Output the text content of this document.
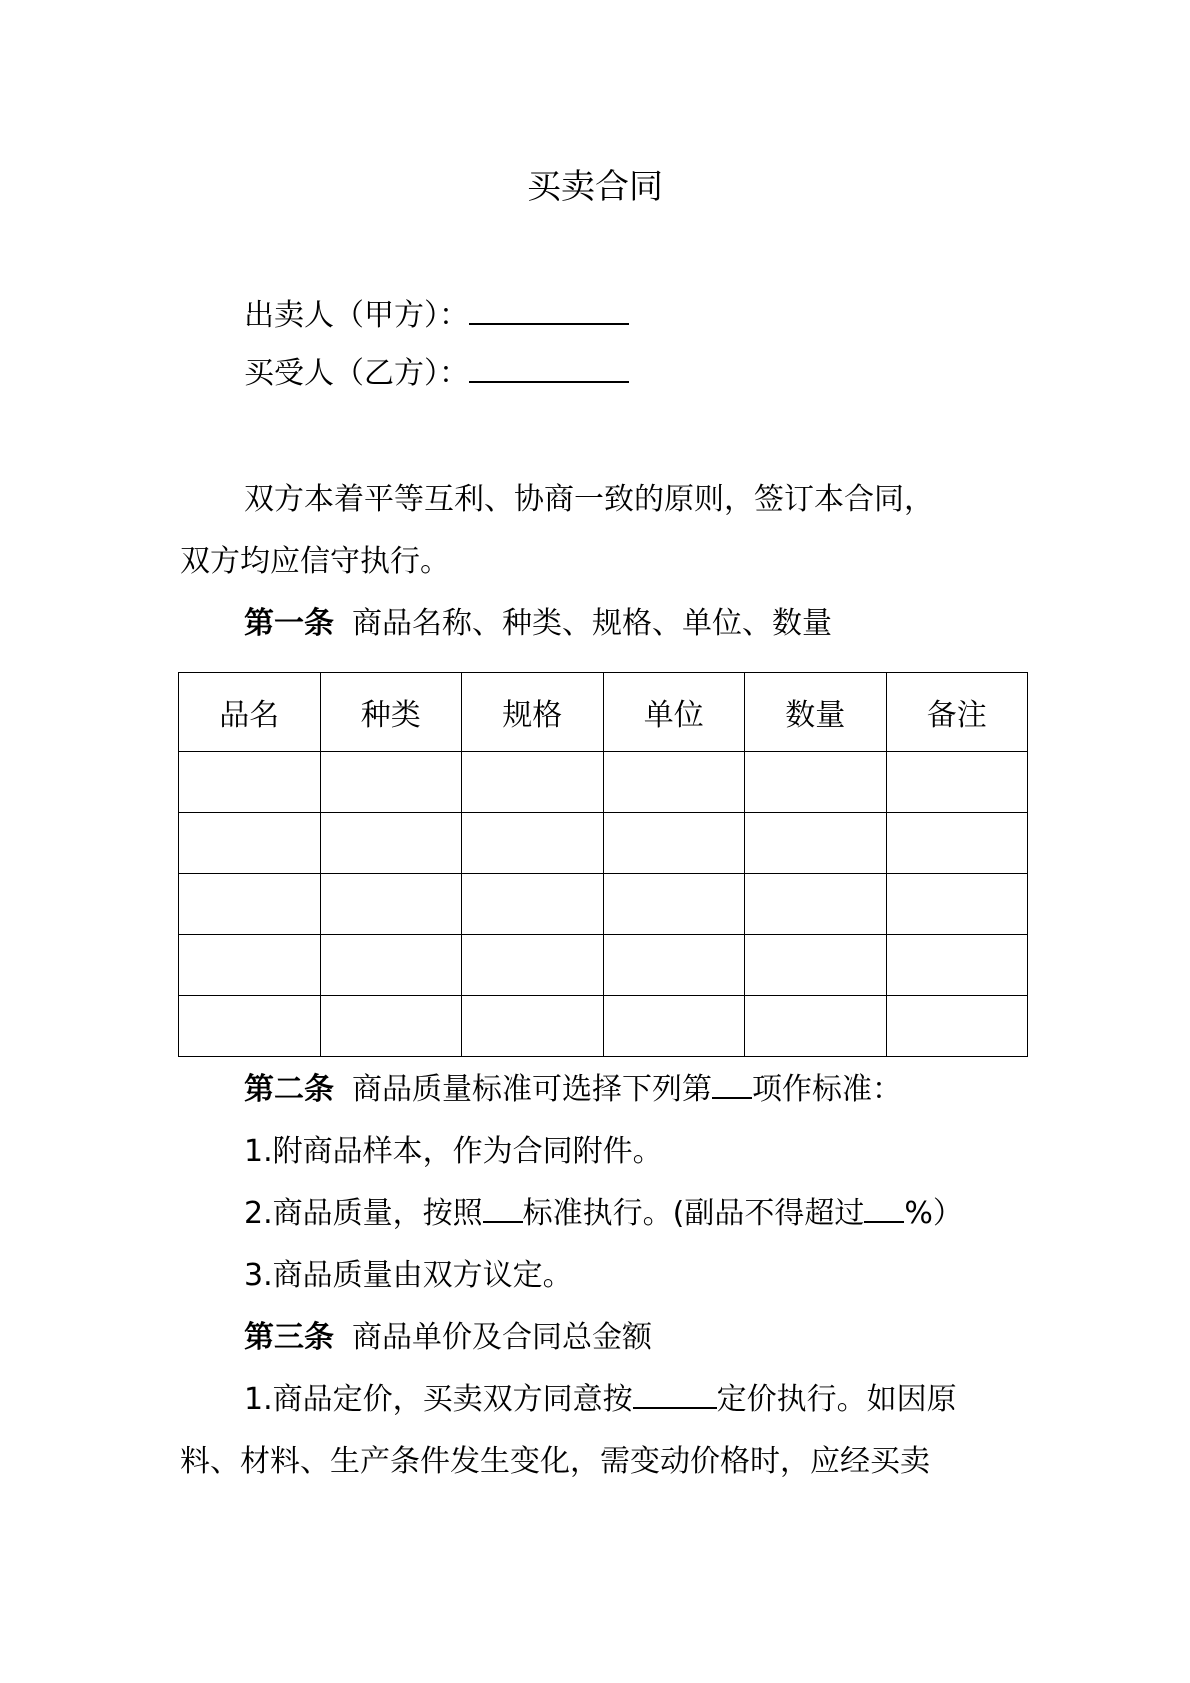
买卖合同
出卖人（甲方）：
买受人（乙方）：
双方本着平等互利、协商一致的原则，签订本合同，
双方均应信守执行。
第一条 商品名称、种类、规格、单位、数量
品名	种类	规格	单位	数量	备注

第二条 商品质量标准可选择下列第 项作标准：
1.附商品样本，作为合同附件。
2.商品质量，按照 标准执行。(副品不得超过 %）
3.商品质量由双方议定。
第三条 商品单价及合同总金额
1.商品定价，买卖双方同意按	定价执行。如因原
料、材料、生产条件发生变化，需变动价格时，应经买卖
